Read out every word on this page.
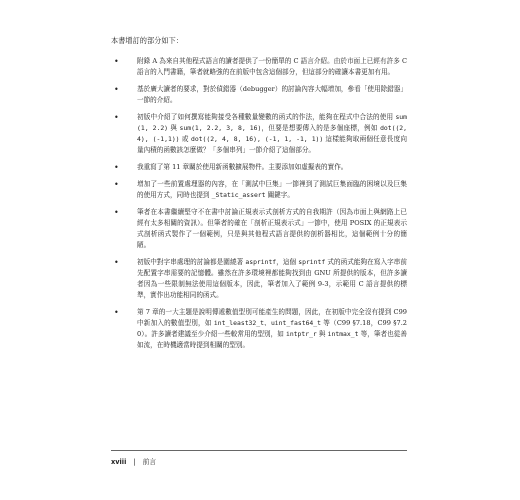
本書增訂的部分如下：

•	附錄 A 為來自其他程式語言的讀者提供了一份簡單的 C 語言介紹。由於市面上已經有許多 C 語言的入門書籍，筆者就略強的在前版中包含這個部分，但這部分的確讓本書更加有用。
•	基於廣大讀者的要求，對於偵錯器（debugger）的討論內容大幅增加，參看「使用除錯器」一節的介紹。
•	初版中介紹了如何撰寫能夠接受各種數量變數的函式的作法，能夠在程式中合法的使用 sum(1, 2.2) 與 sum(1, 2.2, 3, 8, 16)，但要是想要傳入的是多個座標，例如 dot((2,4), (-1,1)) 或 dot((2, 4, 8, 16), (-1, 1, -1, 1)) 這樣能夠取兩個任意長度向量內積的函數該怎麼做？「多個串列」一節介紹了這個部分。
•	我重寫了第 11 章關於使用新函數擴展物件。主要添加如虛擬表的實作。
•	增加了一些前置處理器的內容，在「測試中巨集」一節裡到了測試巨集面臨的困境以及巨集的使用方式，同時也提到 _Static_assert 關鍵字。
•	筆者在本書繼續堅守不在書中討論正規表示式剖析方式的自我期許（因為市面上與網路上已經有太多相關的資訊）。但筆者的確在「剖析正規表示式」一節中，使用 POSIX 的正規表示式剖析函式製作了一個範例，只是與其他程式語言提供的剖析器相比，這個範例十分的簡陋。
•	初版中對字串處理的討論都是圍繞著 asprintf，這個 sprintf 式的函式能夠在寫入字串前先配置字串需要的記憶體。雖然在許多環境裡都能夠找到由 GNU 所提供的版本，但許多讀者因為一些限制無法使用這個版本，因此，筆者加入了範例 9-3，示範用 C 語言提供的標準，實作出功能相同的函式。
•	第 7 章的一大主題是說明傳遞數值型別可能產生的問題，因此，在初版中完全沒有提到 C99 中新加入的數值型別，如 int_least32_t、uint_fast64_t 等（C99 §7.18，C99 §7.20）。許多讀者建議至少介紹一些較常用的型別，如 intptr_r 與 intmax_t 等，筆者也從善如流，在時機適當時提到相關的型別。
xviii | 前言
